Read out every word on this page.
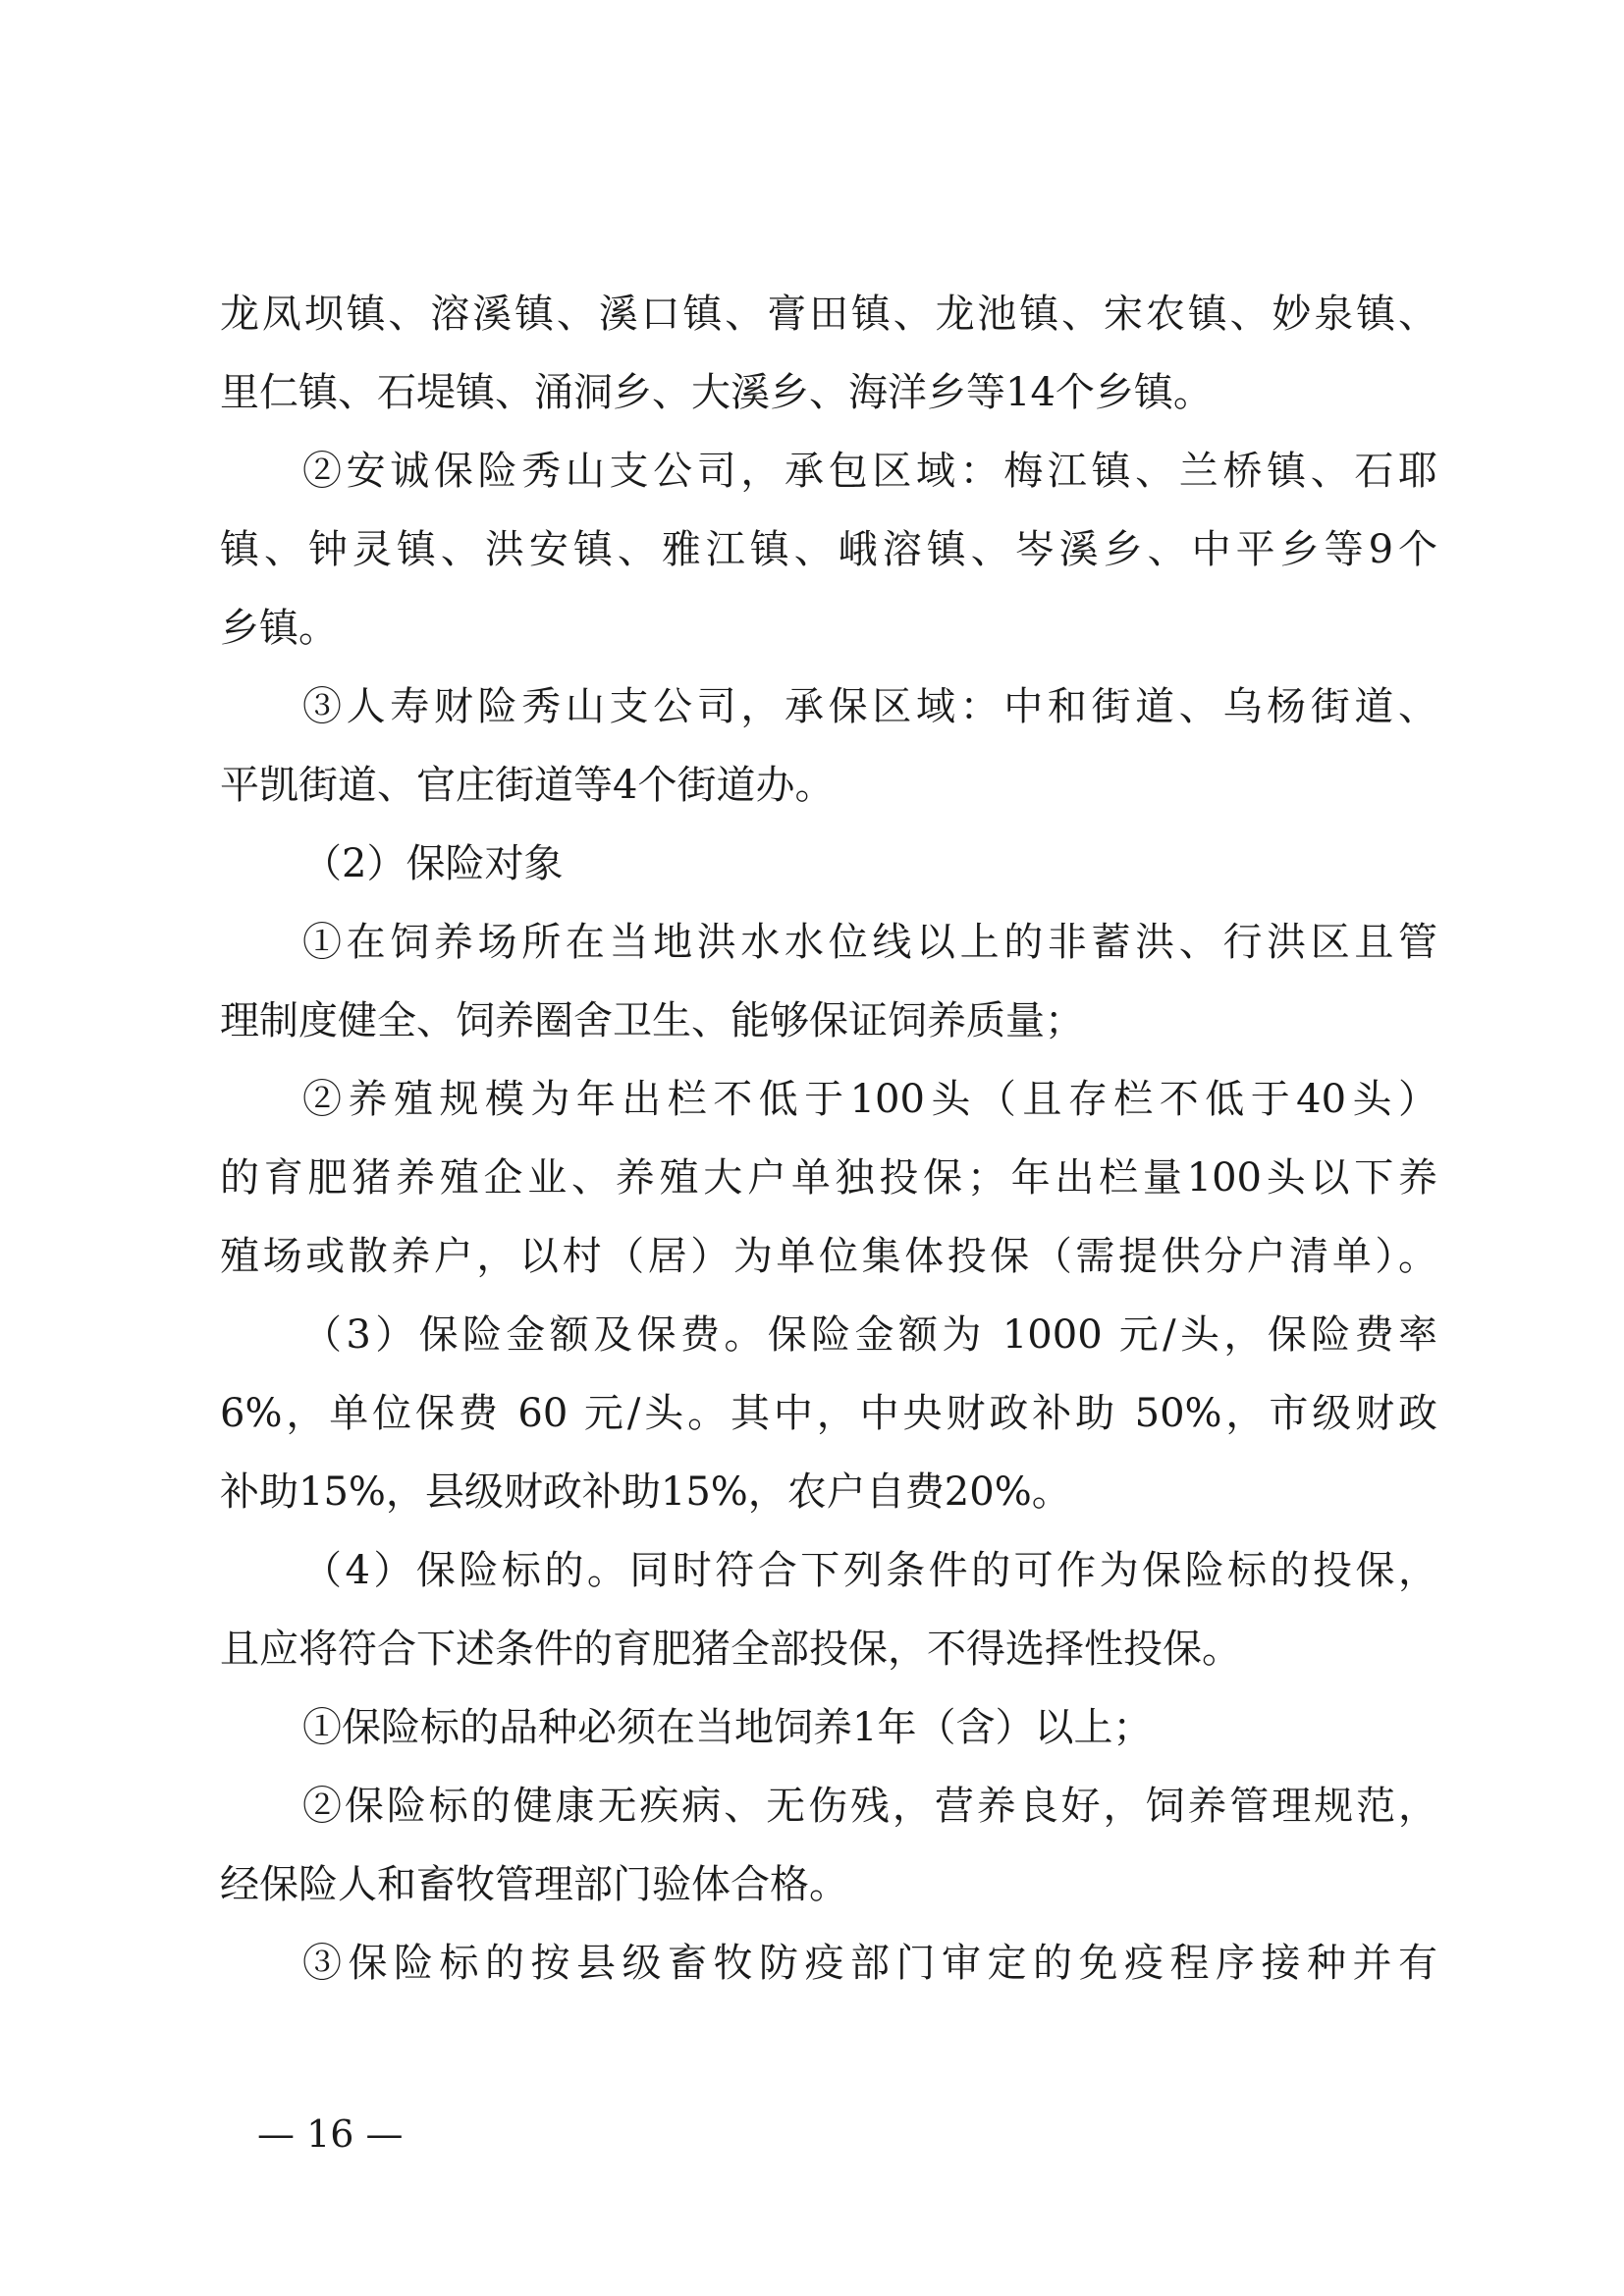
龙凤坝镇、溶溪镇、溪口镇、膏田镇、龙池镇、宋农镇、妙泉镇、
里仁镇、石堤镇、涌洞乡、大溪乡、海洋乡等14个乡镇。
②安诚保险秀山支公司，承包区域：梅江镇、兰桥镇、石耶
镇、钟灵镇、洪安镇、雅江镇、峨溶镇、岑溪乡、中平乡等9个
乡镇。
③人寿财险秀山支公司，承保区域：中和街道、乌杨街道、
平凯街道、官庄街道等4个街道办。
（2）保险对象
①在饲养场所在当地洪水水位线以上的非蓄洪、行洪区且管
理制度健全、饲养圈舍卫生、能够保证饲养质量；
②养殖规模为年出栏不低于100头（且存栏不低于40头）
的育肥猪养殖企业、养殖大户单独投保；年出栏量100头以下养
殖场或散养户，以村（居）为单位集体投保（需提供分户清单）。
（3）保险金额及保费。保险金额为 1000 元/头，保险费率
6%，单位保费 60 元/头。其中，中央财政补助 50%，市级财政
补助15%，县级财政补助15%，农户自费20%。
（4）保险标的。同时符合下列条件的可作为保险标的投保，
且应将符合下述条件的育肥猪全部投保，不得选择性投保。
①保险标的品种必须在当地饲养1年（含）以上；
②保险标的健康无疾病、无伤残，营养良好，饲养管理规范，
经保险人和畜牧管理部门验体合格。
③保险标的按县级畜牧防疫部门审定的免疫程序接种并有
— 16 —
